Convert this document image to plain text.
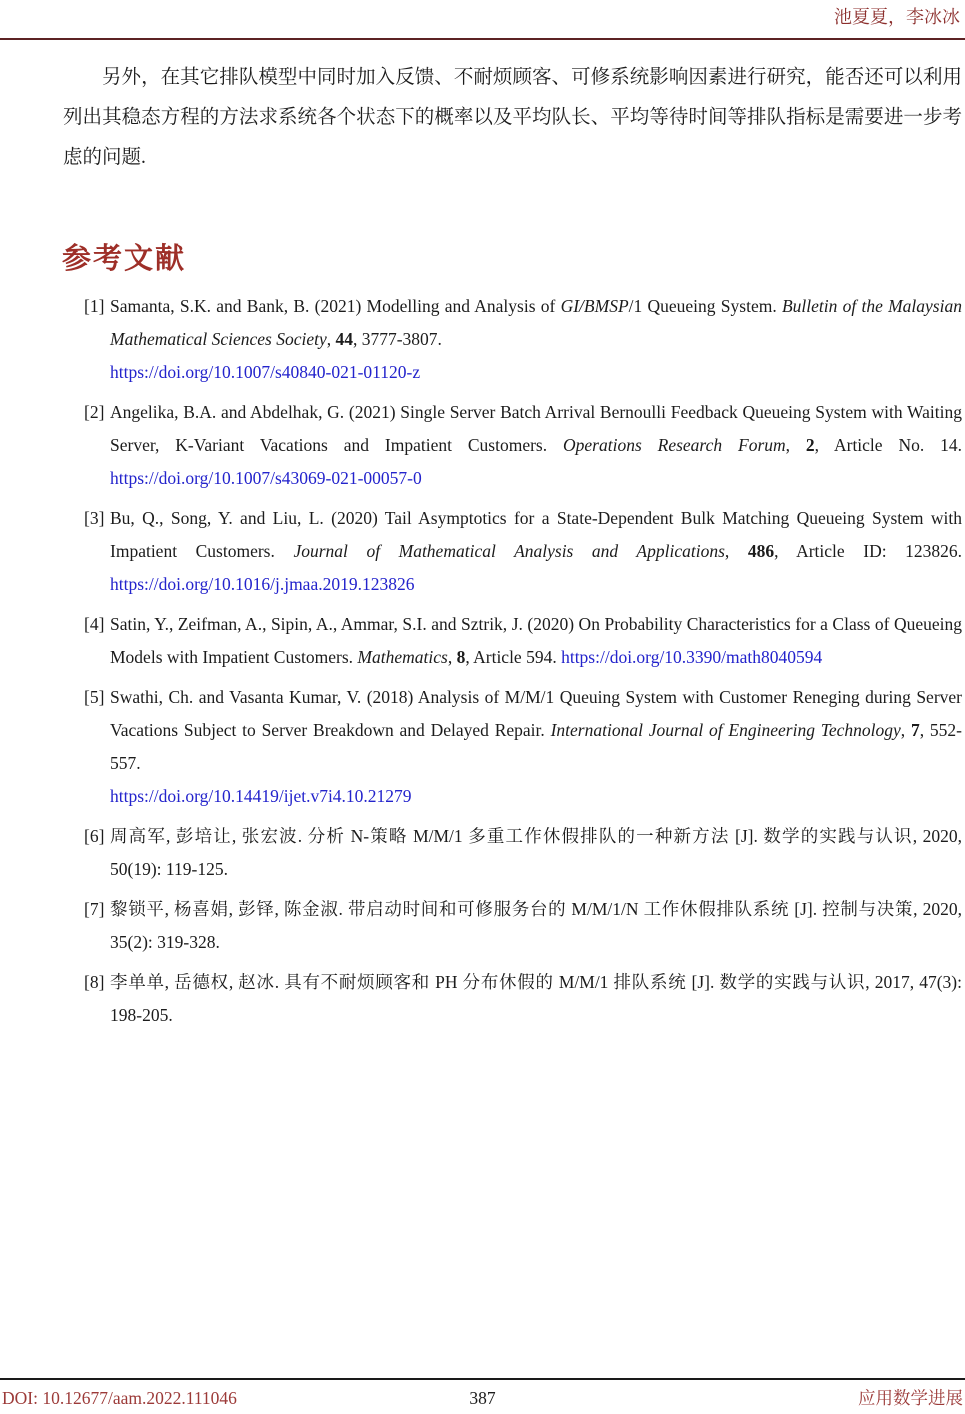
池夏夏，李冰冰
另外，在其它排队模型中同时加入反馈、不耐烦顾客、可修系统影响因素进行研究，能否还可以利用列出其稳态方程的方法求系统各个状态下的概率以及平均队长、平均等待时间等排队指标是需要进一步考虑的问题.
参考文献
[1] Samanta, S.K. and Bank, B. (2021) Modelling and Analysis of GI/BMSP/1 Queueing System. Bulletin of the Malaysian Mathematical Sciences Society, 44, 3777-3807.
https://doi.org/10.1007/s40840-021-01120-z
[2] Angelika, B.A. and Abdelhak, G. (2021) Single Server Batch Arrival Bernoulli Feedback Queueing System with Waiting Server, K-Variant Vacations and Impatient Customers. Operations Research Forum, 2, Article No. 14. https://doi.org/10.1007/s43069-021-00057-0
[3] Bu, Q., Song, Y. and Liu, L. (2020) Tail Asymptotics for a State-Dependent Bulk Matching Queueing System with Impatient Customers. Journal of Mathematical Analysis and Applications, 486, Article ID: 123826. https://doi.org/10.1016/j.jmaa.2019.123826
[4] Satin, Y., Zeifman, A., Sipin, A., Ammar, S.I. and Sztrik, J. (2020) On Probability Characteristics for a Class of Queueing Models with Impatient Customers. Mathematics, 8, Article 594. https://doi.org/10.3390/math8040594
[5] Swathi, Ch. and Vasanta Kumar, V. (2018) Analysis of M/M/1 Queuing System with Customer Reneging during Server Vacations Subject to Server Breakdown and Delayed Repair. International Journal of Engineering Technology, 7, 552-557.
https://doi.org/10.14419/ijet.v7i4.10.21279
[6] 周高军, 彭培让, 张宏波. 分析 N-策略 M/M/1 多重工作休假排队的一种新方法 [J]. 数学的实践与认识, 2020, 50(19): 119-125.
[7] 黎锁平, 杨喜娟, 彭铎, 陈金淑. 带启动时间和可修服务台的 M/M/1/N 工作休假排队系统 [J]. 控制与决策, 2020, 35(2): 319-328.
[8] 李单单, 岳德权, 赵冰. 具有不耐烦顾客和 PH 分布休假的 M/M/1 排队系统 [J]. 数学的实践与认识, 2017, 47(3): 198-205.
DOI: 10.12677/aam.2022.111046	387	应用数学进展
